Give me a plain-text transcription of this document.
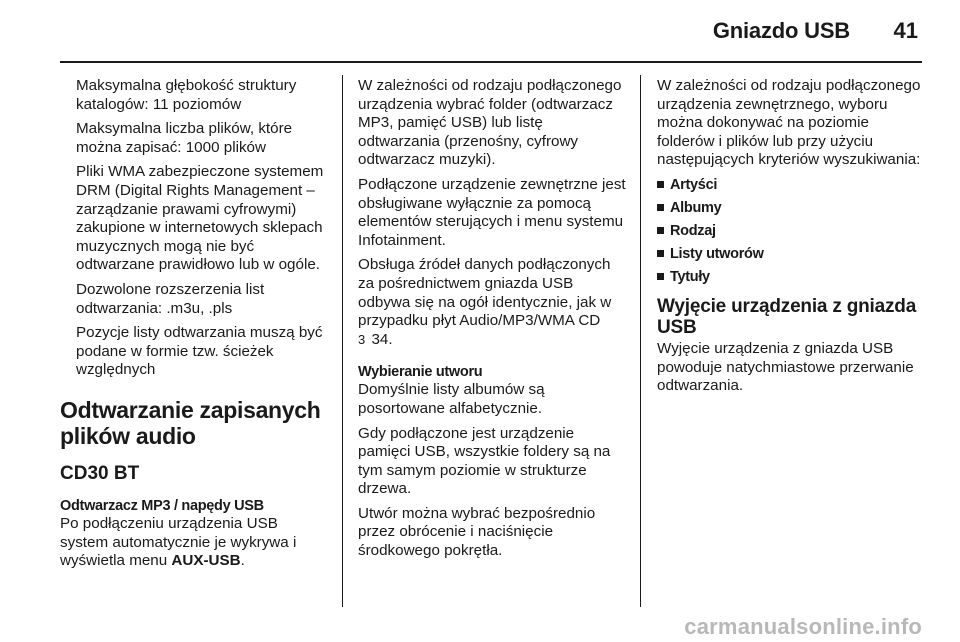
Gniazdo USB 41

Maksymalna głębokość struktury katalogów: 11 poziomów

Maksymalna liczba plików, które można zapisać: 1000 plików

Pliki WMA zabezpieczone systemem DRM (Digital Rights Management – zarządzanie prawami cyfrowymi) zakupione w internetowych sklepach muzycznych mogą nie być odtwarzane prawidłowo lub w ogóle.

Dozwolone rozszerzenia list odtwarzania: .m3u, .pls

Pozycje listy odtwarzania muszą być podane w formie tzw. ścieżek względnych

Odtwarzanie zapisanych plików audio
CD30 BT
Odtwarzacz MP3 / napędy USB

Po podłączeniu urządzenia USB system automatycznie je wykrywa i wyświetla menu AUX-USB.

W zależności od rodzaju podłączonego urządzenia wybrać folder (odtwarzacz MP3, pamięć USB) lub listę odtwarzania (przenośny, cyfrowy odtwarzacz muzyki).

Podłączone urządzenie zewnętrzne jest obsługiwane wyłącznie za pomocą elementów sterujących i menu systemu Infotainment.

Obsługa źródeł danych podłączonych za pośrednictwem gniazda USB odbywa się na ogół identycznie, jak w przypadku płyt Audio/MP3/WMA CD
3 34.

Wybieranie utworu

Domyślnie listy albumów są posortowane alfabetycznie.

Gdy podłączone jest urządzenie pamięci USB, wszystkie foldery są na tym samym poziomie w strukturze drzewa.

Utwór można wybrać bezpośrednio przez obrócenie i naciśnięcie środkowego pokrętła.

W zależności od rodzaju podłączonego urządzenia zewnętrznego, wyboru można dokonywać na poziomie folderów i plików lub przy użyciu następujących kryteriów wyszukiwania:

Artyści
Albumy
Rodzaj
Listy utworów
Tytuły
Wyjęcie urządzenia z gniazda USB

Wyjęcie urządzenia z gniazda USB powoduje natychmiastowe przerwanie odtwarzania.

carmanualsonline.info
